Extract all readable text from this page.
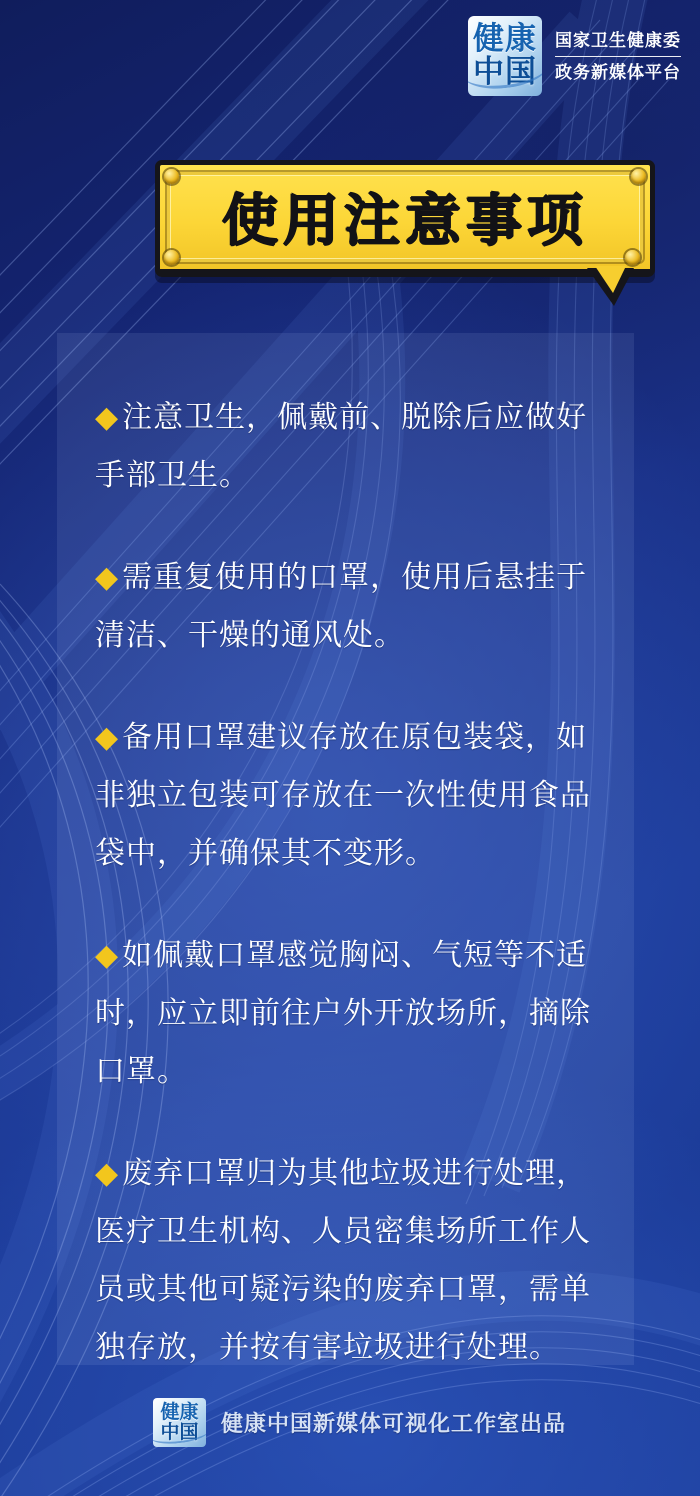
健康
中国
国家卫生健康委
政务新媒体平台
使用注意事项

◆ 注意卫生，佩戴前、脱除后应做好手部卫生。

◆ 需重复使用的口罩，使用后悬挂于清洁、干燥的通风处。

◆ 备用口罩建议存放在原包装袋，如非独立包装可存放在一次性使用食品袋中，并确保其不变形。

◆ 如佩戴口罩感觉胸闷、气短等不适时，应立即前往户外开放场所，摘除口罩。

◆ 废弃口罩归为其他垃圾进行处理，医疗卫生机构、人员密集场所工作人员或其他可疑污染的废弃口罩，需单独存放，并按有害垃圾进行处理。

健康
中国 健康中国新媒体可视化工作室出品
